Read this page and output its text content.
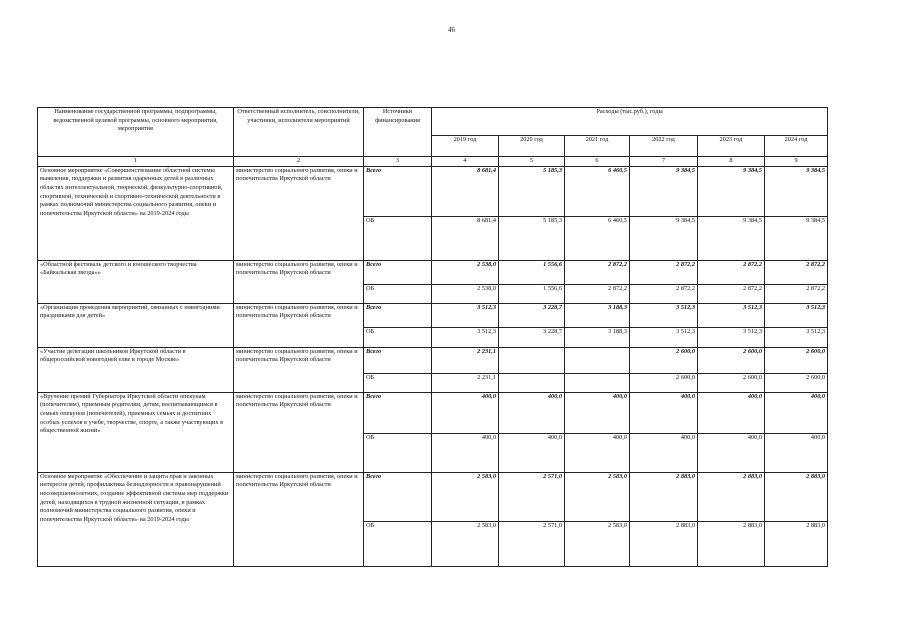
46
Наименование государственной программы, подпрограммы, ведомственной целевой программы, основного мероприятия, мероприятия	Ответственный исполнитель, соисполнители, участники, исполнители мероприятий	Источники финансирования	Расходы (тыс.руб.), годы					
			2019 год	2020 год	2021 год	2022 год	2023 год	2024 год
1	2	3	4	5	6	7	8	9
Основное мероприятие «Совершенствование областной системы выявления, поддержки и развития одаренных детей в различных областях интеллектуальной, творческой, физкультурно-спортивной, спортивной, технической и спортивно-технической деятельности в рамках полномочий министерства социального развития, опеки и попечительства Иркутской области» на 2019-2024 годы	министерство социального развития, опеки и попечительства Иркутской области	Всего	8 681,4	5 185,3	6 460,5	9 384,5	9 384,5	9 384,5
		ОБ	8 681,4	5 185,3	6 460,5	9 384,5	9 384,5	9 384,5
«Областной фестиваль детского и юношеского творчества «Байкальская звезда»»	министерство социального развития, опеки и попечительства Иркутской области	Всего	2 538,0	1 556,6	2 872,2	2 872,2	2 872,2	2 872,2
		ОБ	2 538,0	1 556,6	2 872,2	2 872,2	2 872,2	2 872,2
«Организация проведения мероприятий, связанных с новогодними праздниками для детей»	министерство социального развития, опеки и попечительства Иркутской области	Всего	3 512,3	3 228,7	3 188,3	3 512,3	3 512,3	3 512,3
		ОБ	3 512,3	3 228,7	3 188,3	3 512,3	3 512,3	3 512,3
«Участие делегации школьников Иркутской области в общероссийской новогодней елке в городе Москве»	министерство социального развития, опеки и попечительства Иркутской области	Всего	2 231,1			2 600,0	2 600,0	2 600,0
		ОБ	2 231,1			2 600,0	2 600,0	2 600,0
«Вручение премий Губернатора Иркутской области опекунам (попечителям), приемным родителям, детям, воспитывающимся в семьях опекунов (попечителей), приемных семьях и достигших особых успехов в учебе, творчестве, спорте, а также участвующих в общественной жизни»	министерство социального развития, опеки и попечительства Иркутской области	Всего	400,0	400,0	400,0	400,0	400,0	400,0
		ОБ	400,0	400,0	400,0	400,0	400,0	400,0
Основное мероприятие «Обеспечение и защита прав и законных интересов детей, профилактика безнадзорности и правонарушений несовершеннолетних, создание эффективной системы мер поддержки детей, находящихся в трудной жизненной ситуации, в рамках полномочий министерства социального развития, опеки и попечительства Иркутской области» на 2019-2024 годы	министерство социального развития, опеки и попечительства Иркутской области	Всего	2 583,0	2 571,0	2 583,0	2 883,0	2 883,0	2 883,0
		ОБ	2 583,0	2 571,0	2 583,0	2 883,0	2 883,0	2 883,0
